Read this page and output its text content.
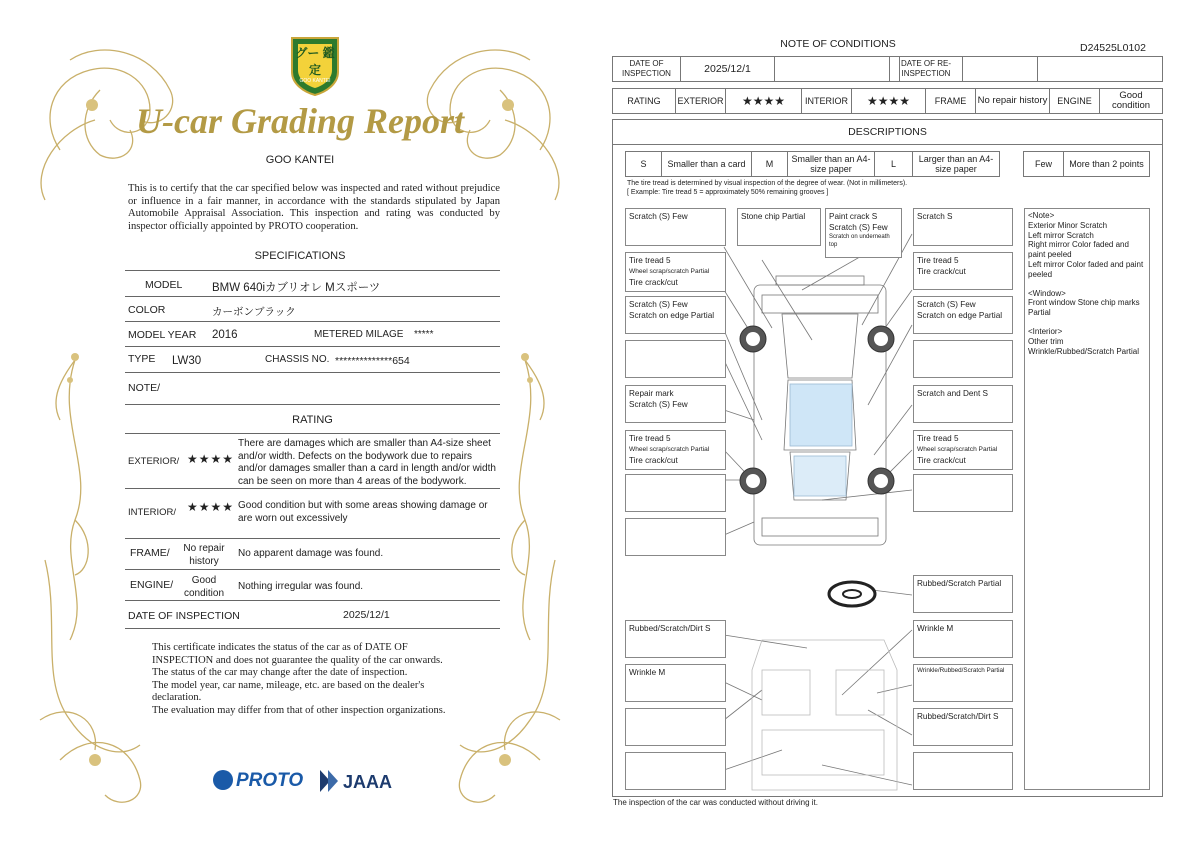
グー 鑑定
GOO KANTEI
U-car Grading Report
GOO KANTEI
This is to certify that the car specified below was inspected and rated without prejudice or influence in a fair manner, in accordance with the standards stipulated by Japan Automobile Appraisal Association. This inspection and rating was conducted by inspector officially appointed by PROTO cooperation.
SPECIFICATIONS
MODEL	BMW 640iカブリオレ Mスポーツ
COLOR	カーボンブラック
MODEL YEAR 2016	METERED MILAGE *****
TYPE LW30	CHASSIS NO. **************654
NOTE/
RATING
EXTERIOR/ ★★★★
There are damages which are smaller than A4-size sheet and/or width. Defects on the bodywork due to repairs and/or damages smaller than a card in length and/or width can be seen on more than 4 areas of the bodywork.
INTERIOR/ ★★★★ Good condition but with some areas showing damage or are worn out excessively
FRAME/	No repair history
No apparent damage was found.
ENGINE/	Good condition
Nothing irregular was found.
DATE OF INSPECTION	2025/12/1
This certificate indicates the status of the car as of DATE OF
INSPECTION and does not guarantee the quality of the car onwards.
The status of the car may change after the date of inspection.
The model year, car name, mileage, etc. are based on the dealer's
declaration.
The evaluation may differ from that of other inspection organizations.
PROTO JAAA
NOTE OF CONDITIONS	D24525L0102
DATE OF INSPECTION	2025/12/1	DATE OF RE-INSPECTION
RATING	EXTERIOR	★★★★	INTERIOR	★★★★	FRAME	No repair history	ENGINE	Good condition
DESCRIPTIONS
S	Smaller than a card	M	Smaller than an A4-size paper	L	Larger than an A4-size paper	Few	More than 2 points
The tire tread is determined by visual inspection of the degree of wear. (Not in millimeters).
[ Example: Tire tread 5 = approximately 50% remaining grooves ]
Scratch (S) Few	Stone chip Partial	Paint crack S
Scratch (S) Few
Scratch on underneath top
Scratch S
Tire tread 5
Wheel scrap/scratch Partial
Tire crack/cut
Tire tread 5
Tire crack/cut
Scratch (S) Few
Scratch on edge Partial
Scratch (S) Few
Scratch on edge Partial
Repair mark
Scratch (S) Few
Scratch and Dent S
Tire tread 5
Wheel scrap/scratch Partial
Tire crack/cut
Tire tread 5
Wheel scrap/scratch Partial
Tire crack/cut
Rubbed/Scratch Partial
Rubbed/Scratch/Dirt S	Wrinkle M
Wrinkle M	Wrinkle/Rubbed/Scratch Partial
Rubbed/Scratch/Dirt S
<Note>
Exterior Minor Scratch
Left mirror Scratch
Right mirror Color faded and paint peeled
Left mirror Color faded and paint peeled
<Window>
Front window Stone chip marks Partial
<Interior>
Other trim
Wrinkle/Rubbed/Scratch Partial
The inspection of the car was conducted without driving it.
